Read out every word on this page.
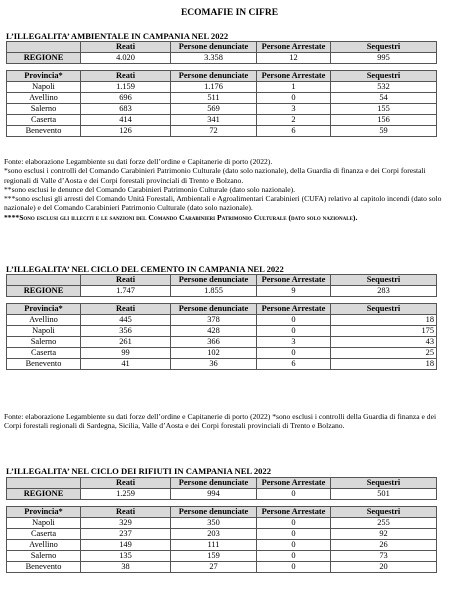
ECOMAFIE IN CIFRE
L’ILLEGALITA’ AMBIENTALE IN CAMPANIA NEL 2022
	Reati	Persone denunciate	Persone Arrestate	Sequestri
REGIONE	4.020	3.358	12	995

Provincia*	Reati	Persone denunciate	Persone Arrestate	Sequestri
Napoli	1.159	1.176	1	532
Avellino	696	511	0	54
Salerno	683	569	3	155
Caserta	414	341	2	156
Benevento	126	72	6	59

Fonte: elaborazione Legambiente su dati forze dell’ordine e Capitanerie di porto (2022).

*sono esclusi i controlli del Comando Carabinieri Patrimonio Culturale (dato solo nazionale), della Guardia di finanza e dei Corpi forestali regionali di Valle d’Aosta e dei Corpi forestali provinciali di Trento e Bolzano.

**sono esclusi le denunce del Comando Carabinieri Patrimonio Culturale (dato solo nazionale).

***sono esclusi gli arresti del Comando Unità Forestali, Ambientali e Agroalimentari Carabinieri (CUFA) relativo al capitolo incendi (dato solo nazionale) e del Comando Carabinieri Patrimonio Culturale (dato solo nazionale).

****Sono esclusi gli illeciti e le sanzioni del Comando Carabinieri Patrimonio Culturale (dato solo nazionale).

L’ILLEGALITA’ NEL CICLO DEL CEMENTO IN CAMPANIA NEL 2022
	Reati	Persone denunciate	Persone Arrestate	Sequestri
REGIONE	1.747	1.855	9	283

Provincia*	Reati	Persone denunciate	Persone Arrestate	Sequestri
Avellino	445	378	0	18
Napoli	356	428	0	175
Salerno	261	366	3	43
Caserta	99	102	0	25
Benevento	41	36	6	18

Fonte: elaborazione Legambiente su dati forze dell’ordine e Capitanerie di porto (2022) *sono esclusi i controlli della Guardia di finanza e dei Corpi forestali regionali di Sardegna, Sicilia, Valle d’Aosta e dei Corpi forestali provinciali di Trento e Bolzano.

L’ILLEGALITA’ NEL CICLO DEI RIFIUTI IN CAMPANIA NEL 2022
	Reati	Persone denunciate	Persone Arrestate	Sequestri
REGIONE	1.259	994	0	501

Provincia*	Reati	Persone denunciate	Persone Arrestate	Sequestri
Napoli	329	350	0	255
Caserta	237	203	0	92
Avellino	149	111	0	26
Salerno	135	159	0	73
Benevento	38	27	0	20
